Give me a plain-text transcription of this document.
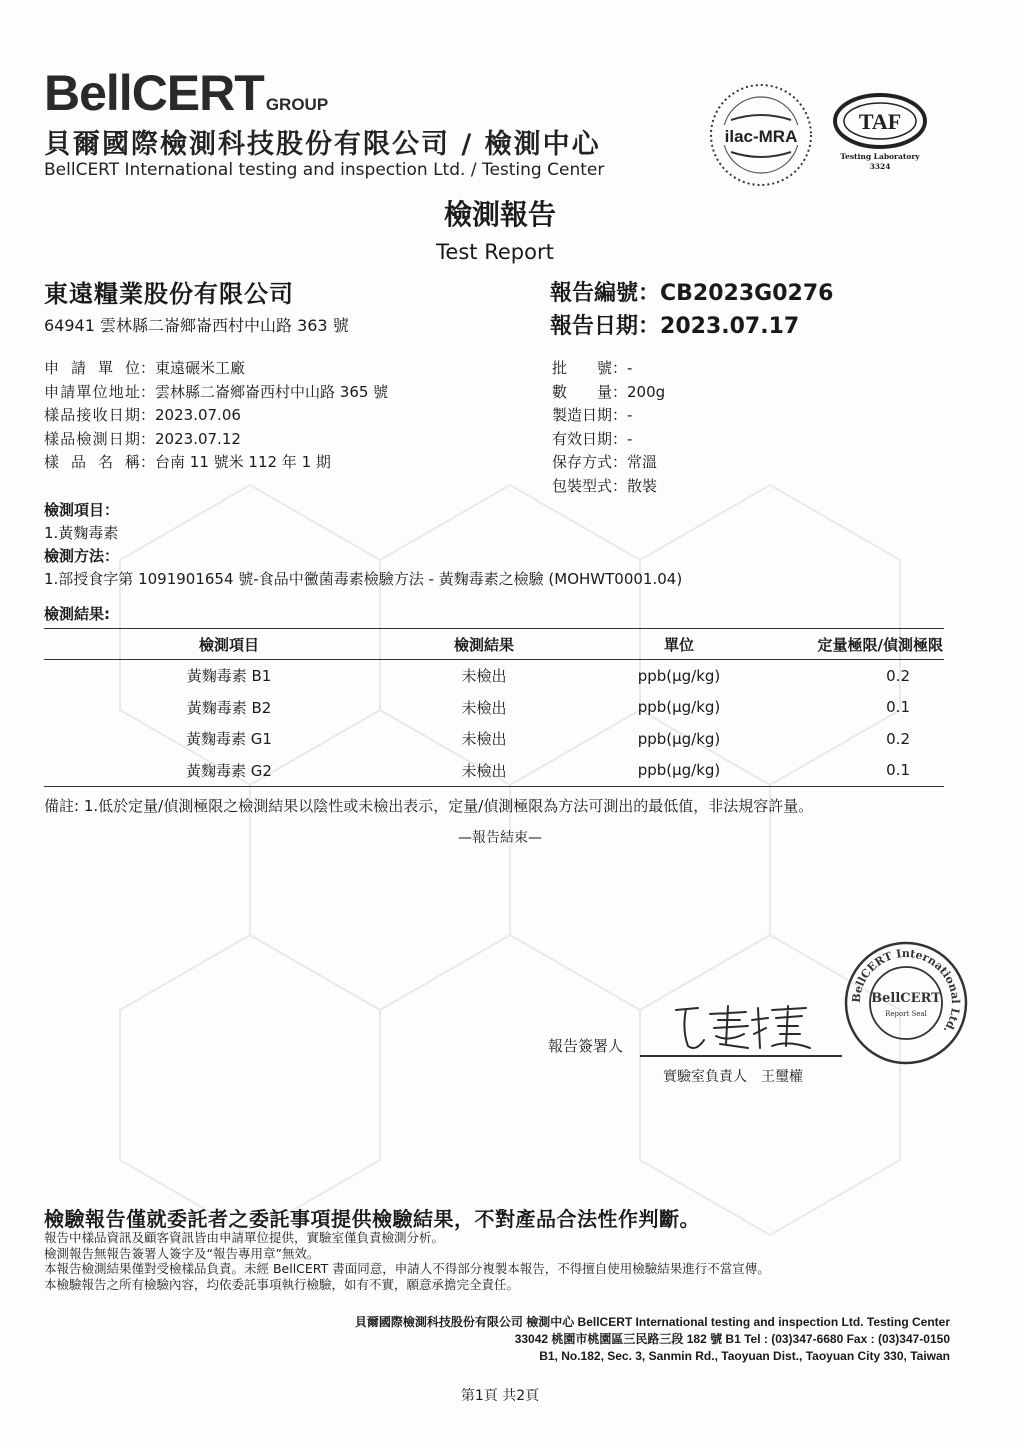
BellCERT GROUP
貝爾國際檢測科技股份有限公司 / 檢測中心
BellCERT International testing and inspection Ltd. / Testing Center
ilac-MRA
TAF
Testing Laboratory
3324
檢測報告
Test Report
東遠糧業股份有限公司
64941 雲林縣二崙鄉崙西村中山路 363 號
報告編號：CB2023G0276
報告日期：2023.07.17
申請單位：東遠碾米工廠
申請單位地址：雲林縣二崙鄉崙西村中山路 365 號
樣品接收日期：2023.07.06
樣品檢測日期：2023.07.12
樣品名稱：台南 11 號米 112 年 1 期
批號：-
數量：200g
製造日期：-
有效日期：-
保存方式：常溫
包裝型式：散裝
檢測項目：
1.黃麴毒素
檢測方法：
1.部授食字第 1091901654 號-食品中黴菌毒素檢驗方法 - 黃麴毒素之檢驗 (MOHWT0001.04)
檢測結果:
檢測項目	檢測結果	單位	定量極限/偵測極限
黃麴毒素 B1	未檢出	ppb(µg/kg)	0.2
黃麴毒素 B2	未檢出	ppb(µg/kg)	0.1
黃麴毒素 G1	未檢出	ppb(µg/kg)	0.2
黃麴毒素 G2	未檢出	ppb(µg/kg)	0.1
備註: 1.低於定量/偵測極限之檢測結果以陰性或未檢出表示，定量/偵測極限為方法可測出的最低值，非法規容許量。
—報告結束—
報告簽署人
實驗室負責人　王璽權
BellCERT International Ltd.
BellCERT
Report Seal
檢驗報告僅就委託者之委託事項提供檢驗結果，不對產品合法性作判斷。
報告中樣品資訊及顧客資訊皆由申請單位提供，實驗室僅負責檢測分析。
檢測報告無報告簽署人簽字及“報告專用章”無效。
本報告檢測結果僅對受檢樣品負責。未經 BellCERT 書面同意，申請人不得部分複製本報告，不得擅自使用檢驗結果進行不當宣傳。
本檢驗報告之所有檢驗內容，均依委託事項執行檢驗，如有不實，願意承擔完全責任。
貝爾國際檢測科技股份有限公司 檢測中心 BellCERT International testing and inspection Ltd. Testing Center
33042 桃園市桃園區三民路三段 182 號 B1 Tel : (03)347-6680 Fax : (03)347-0150
B1, No.182, Sec. 3, Sanmin Rd., Taoyuan Dist., Taoyuan City 330, Taiwan
第1頁 共2頁
